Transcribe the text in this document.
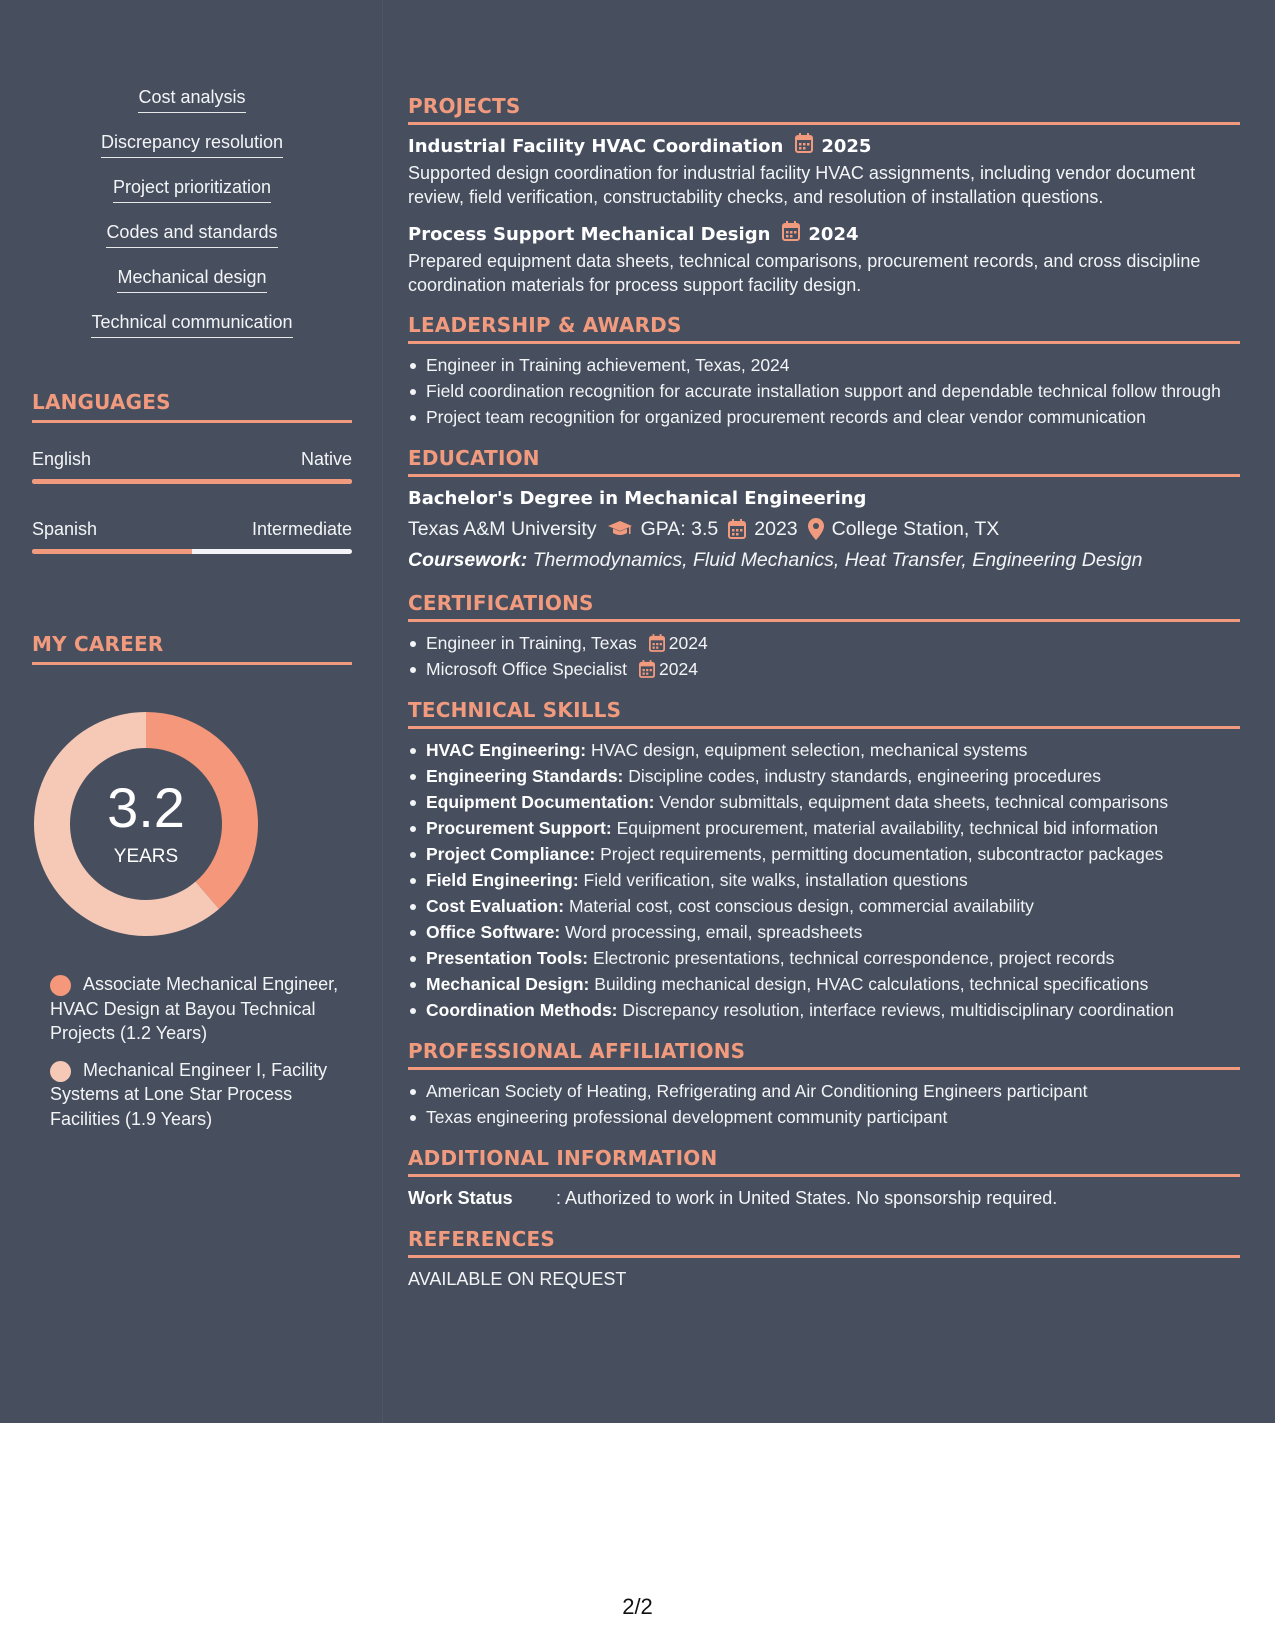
Cost analysis
Discrepancy resolution
Project prioritization
Codes and standards
Mechanical design
Technical communication
LANGUAGES
English	Native
Spanish	Intermediate
MY CAREER
3.2
YEARS
Associate Mechanical Engineer, HVAC Design at Bayou Technical Projects (1.2 Years)
Mechanical Engineer I, Facility Systems at Lone Star Process Facilities (1.9 Years)
PROJECTS
Industrial Facility HVAC Coordination 2025
Supported design coordination for industrial facility HVAC assignments, including vendor document review, field verification, constructability checks, and resolution of installation questions.
Process Support Mechanical Design 2024
Prepared equipment data sheets, technical comparisons, procurement records, and cross discipline coordination materials for process support facility design.
LEADERSHIP & AWARDS
Engineer in Training achievement, Texas, 2024
Field coordination recognition for accurate installation support and dependable technical follow through
Project team recognition for organized procurement records and clear vendor communication
EDUCATION
Bachelor's Degree in Mechanical Engineering
Texas A&M University GPA: 3.5 2023 College Station, TX
Coursework: Thermodynamics, Fluid Mechanics, Heat Transfer, Engineering Design
CERTIFICATIONS
Engineer in Training, Texas 2024
Microsoft Office Specialist 2024
TECHNICAL SKILLS
HVAC Engineering: HVAC design, equipment selection, mechanical systems
Engineering Standards: Discipline codes, industry standards, engineering procedures
Equipment Documentation: Vendor submittals, equipment data sheets, technical comparisons
Procurement Support: Equipment procurement, material availability, technical bid information
Project Compliance: Project requirements, permitting documentation, subcontractor packages
Field Engineering: Field verification, site walks, installation questions
Cost Evaluation: Material cost, cost conscious design, commercial availability
Office Software: Word processing, email, spreadsheets
Presentation Tools: Electronic presentations, technical correspondence, project records
Mechanical Design: Building mechanical design, HVAC calculations, technical specifications
Coordination Methods: Discrepancy resolution, interface reviews, multidisciplinary coordination
PROFESSIONAL AFFILIATIONS
American Society of Heating, Refrigerating and Air Conditioning Engineers participant
Texas engineering professional development community participant
ADDITIONAL INFORMATION
Work Status	: Authorized to work in United States. No sponsorship required.
REFERENCES
AVAILABLE ON REQUEST
2/2
